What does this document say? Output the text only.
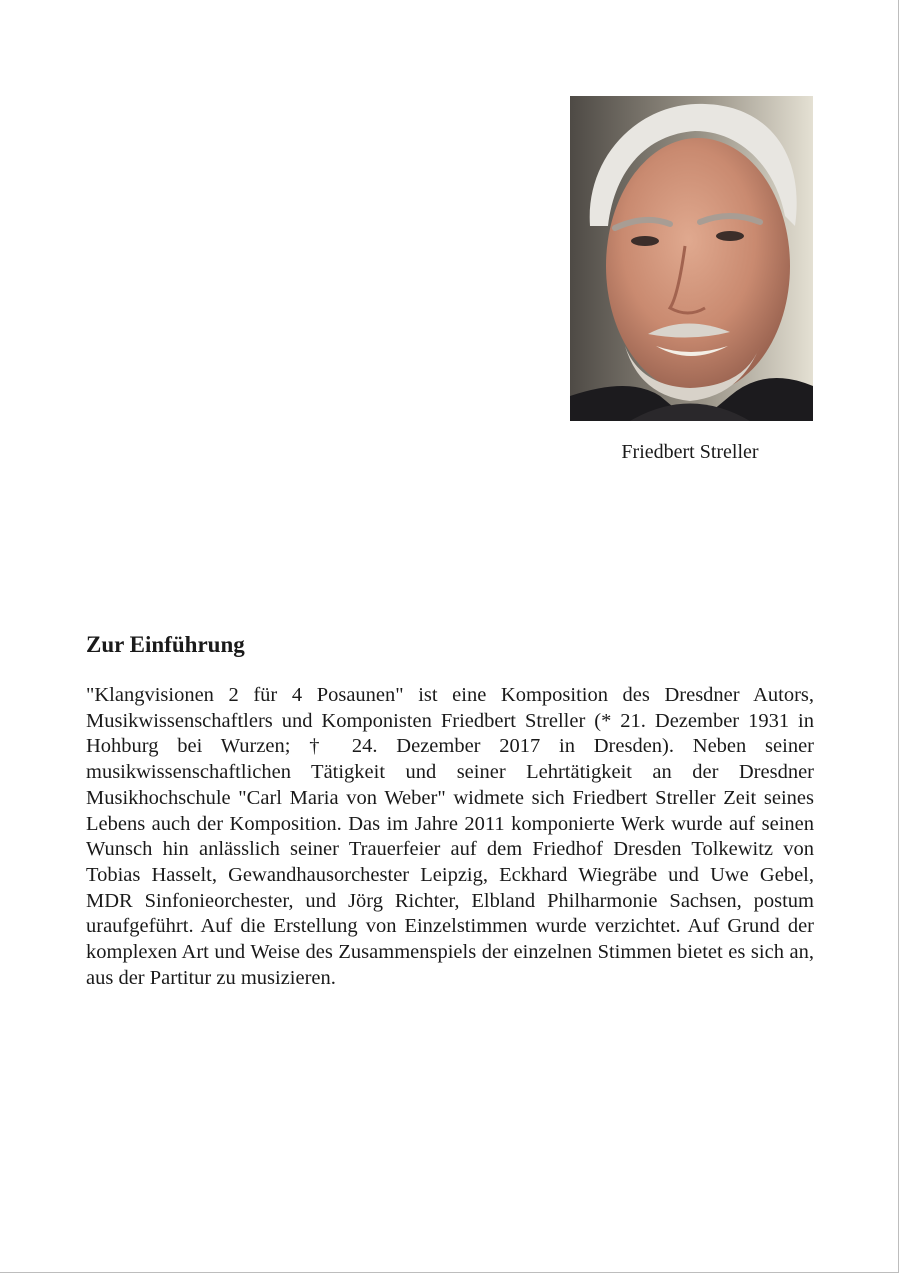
Friedbert Streller
Zur Einführung

"Klangvisionen 2 für 4 Posaunen" ist eine Komposition des Dresdner Autors, Musikwissenschaftlers und Komponisten Friedbert Streller (* 21. Dezember 1931 in Hohburg bei Wurzen; † 24. Dezember 2017 in Dresden). Neben seiner musikwissenschaftlichen Tätigkeit und seiner Lehrtätigkeit an der Dresdner Musikhochschule "Carl Maria von Weber" widmete sich Friedbert Streller Zeit seines Lebens auch der Komposition. Das im Jahre 2011 komponierte Werk wurde auf seinen Wunsch hin anlässlich seiner Trauerfeier auf dem Friedhof Dresden Tolkewitz von Tobias Hasselt, Gewandhausorchester Leipzig, Eckhard Wiegräbe und Uwe Gebel, MDR Sinfonieorchester, und Jörg Richter, Elbland Philharmonie Sachsen, postum uraufgeführt. Auf die Erstellung von Einzelstimmen wurde verzichtet. Auf Grund der komplexen Art und Weise des Zusammenspiels der einzelnen Stimmen bietet es sich an, aus der Partitur zu musizieren.
